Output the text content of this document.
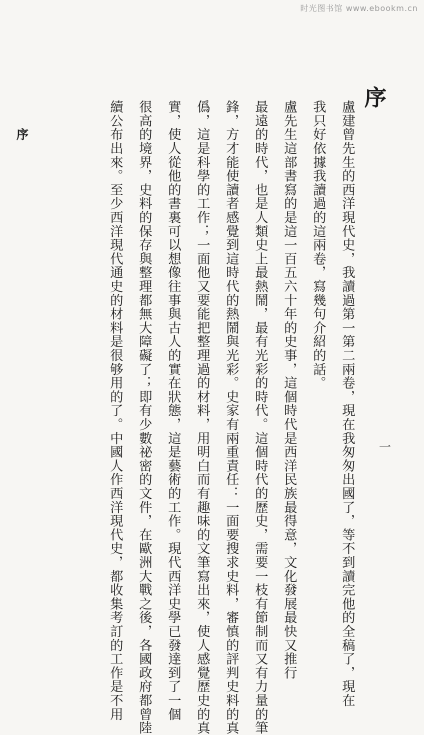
时光图书馆 www.ebookm.cn
序
盧建曾先生的西洋現代史，我讀過第一第二兩卷，現在我匆匆出國了，等不到讀完他的全稿了，現在
我只好依據我讀過的這兩卷，寫幾句介紹的話。
盧先生這部書寫的是這一百五六十年的史事，這個時代是西洋民族最得意，文化發展最快又推行
最遠的時代，也是人類史上最熱鬧，最有光彩的時代。這個時代的歷史，需要一枝有節制而又有力量的筆
鋒，方才能使讀者感覺到這時代的熱鬧與光彩。史家有兩重責任：一面要搜求史料，審慎的評判史料的真
僞，這是科學的工作；一面他又要能把整理過的材料，用明白而有趣味的文筆寫出來，使人感覺歷史的真
實，使人從他的書裏可以想像往事與古人的實在狀態，這是藝術的工作。現代西洋史學已發達到了一個
很高的境界，史料的保存與整理都無大障礙了；即有少數祕密的文件，在歐洲大戰之後，各國政府都曾陸
續公布出來。至少西洋現代通史的材料是很够用的了。中國人作西洋現代史，都收集考訂的工作是不用
序
一
